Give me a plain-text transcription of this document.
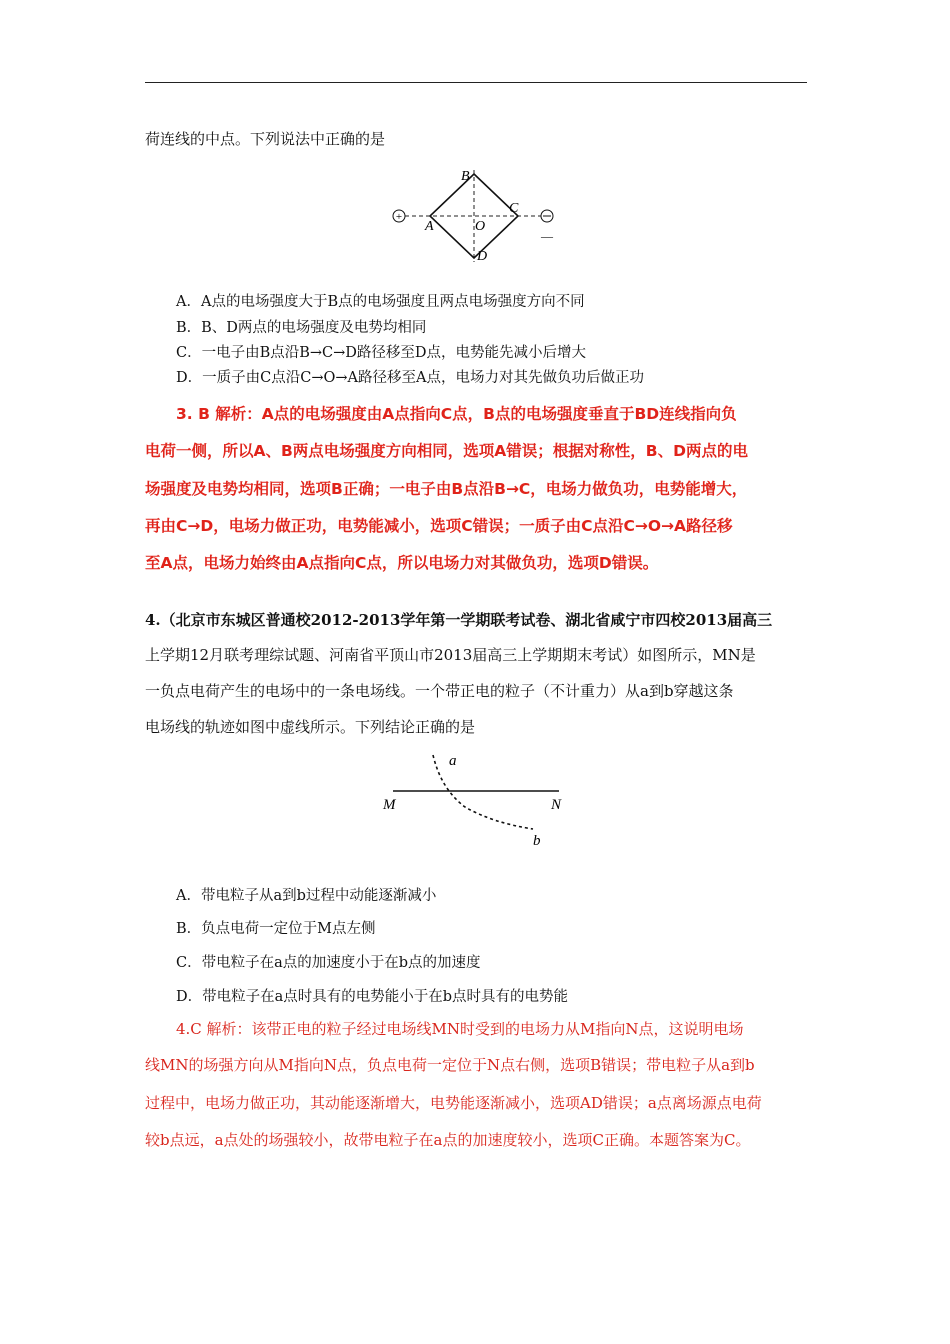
荷连线的中点。下列说法中正确的是
+
—
B
A	O
C
D
A．A点的电场强度大于B点的电场强度且两点电场强度方向不同
B．B、D两点的电场强度及电势均相同
C．一电子由B点沿B→C→D路径移至D点，电势能先减小后增大
D．一质子由C点沿C→O→A路径移至A点，电场力对其先做负功后做正功
3. B 解析：A点的电场强度由A点指向C点，B点的电场强度垂直于BD连线指向负
电荷一侧，所以A、B两点电场强度方向相同，选项A错误；根据对称性，B、D两点的电
场强度及电势均相同，选项B正确；一电子由B点沿B→C，电场力做负功，电势能增大，
再由C→D，电场力做正功，电势能减小，选项C错误；一质子由C点沿C→O→A路径移
至A点，电场力始终由A点指向C点，所以电场力对其做负功，选项D错误。
4.（北京市东城区普通校2012-2013学年第一学期联考试卷、湖北省咸宁市四校2013届高三
上学期12月联考理综试题、河南省平顶山市2013届高三上学期期末考试）如图所示，MN是
一负点电荷产生的电场中的一条电场线。一个带正电的粒子（不计重力）从a到b穿越这条
电场线的轨迹如图中虚线所示。下列结论正确的是
a
b
M	N
A．带电粒子从a到b过程中动能逐渐减小
B．负点电荷一定位于M点左侧
C．带电粒子在a点的加速度小于在b点的加速度
D．带电粒子在a点时具有的电势能小于在b点时具有的电势能
4.C 解析：该带正电的粒子经过电场线MN时受到的电场力从M指向N点，这说明电场
线MN的场强方向从M指向N点，负点电荷一定位于N点右侧，选项B错误；带电粒子从a到b
过程中，电场力做正功，其动能逐渐增大，电势能逐渐减小，选项AD错误；a点离场源点电荷
较b点远，a点处的场强较小，故带电粒子在a点的加速度较小，选项C正确。本题答案为C。
